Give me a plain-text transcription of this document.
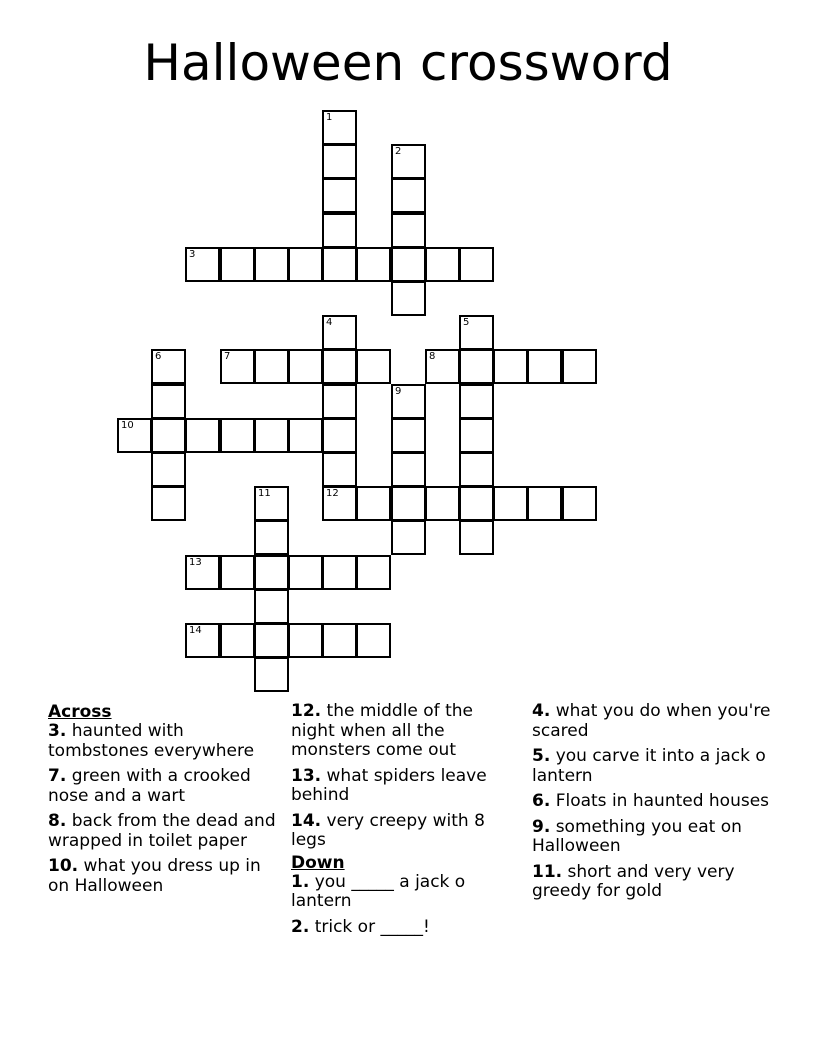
Halloween crossword
1
2
3
4
12
5
6	7	8
9
10
11
13
14
Across
3. haunted with tombstones everywhere
7. green with a crooked nose and a wart
8. back from the dead and wrapped in toilet paper
10. what you dress up in on Halloween
12. the middle of the night when all the monsters come out
13. what spiders leave behind
14. very creepy with 8 legs
Down
1. you _____ a jack o lantern
2. trick or _____!
4. what you do when you're scared
5. you carve it into a jack o lantern
6. Floats in haunted houses
9. something you eat on Halloween
11. short and very very greedy for gold
